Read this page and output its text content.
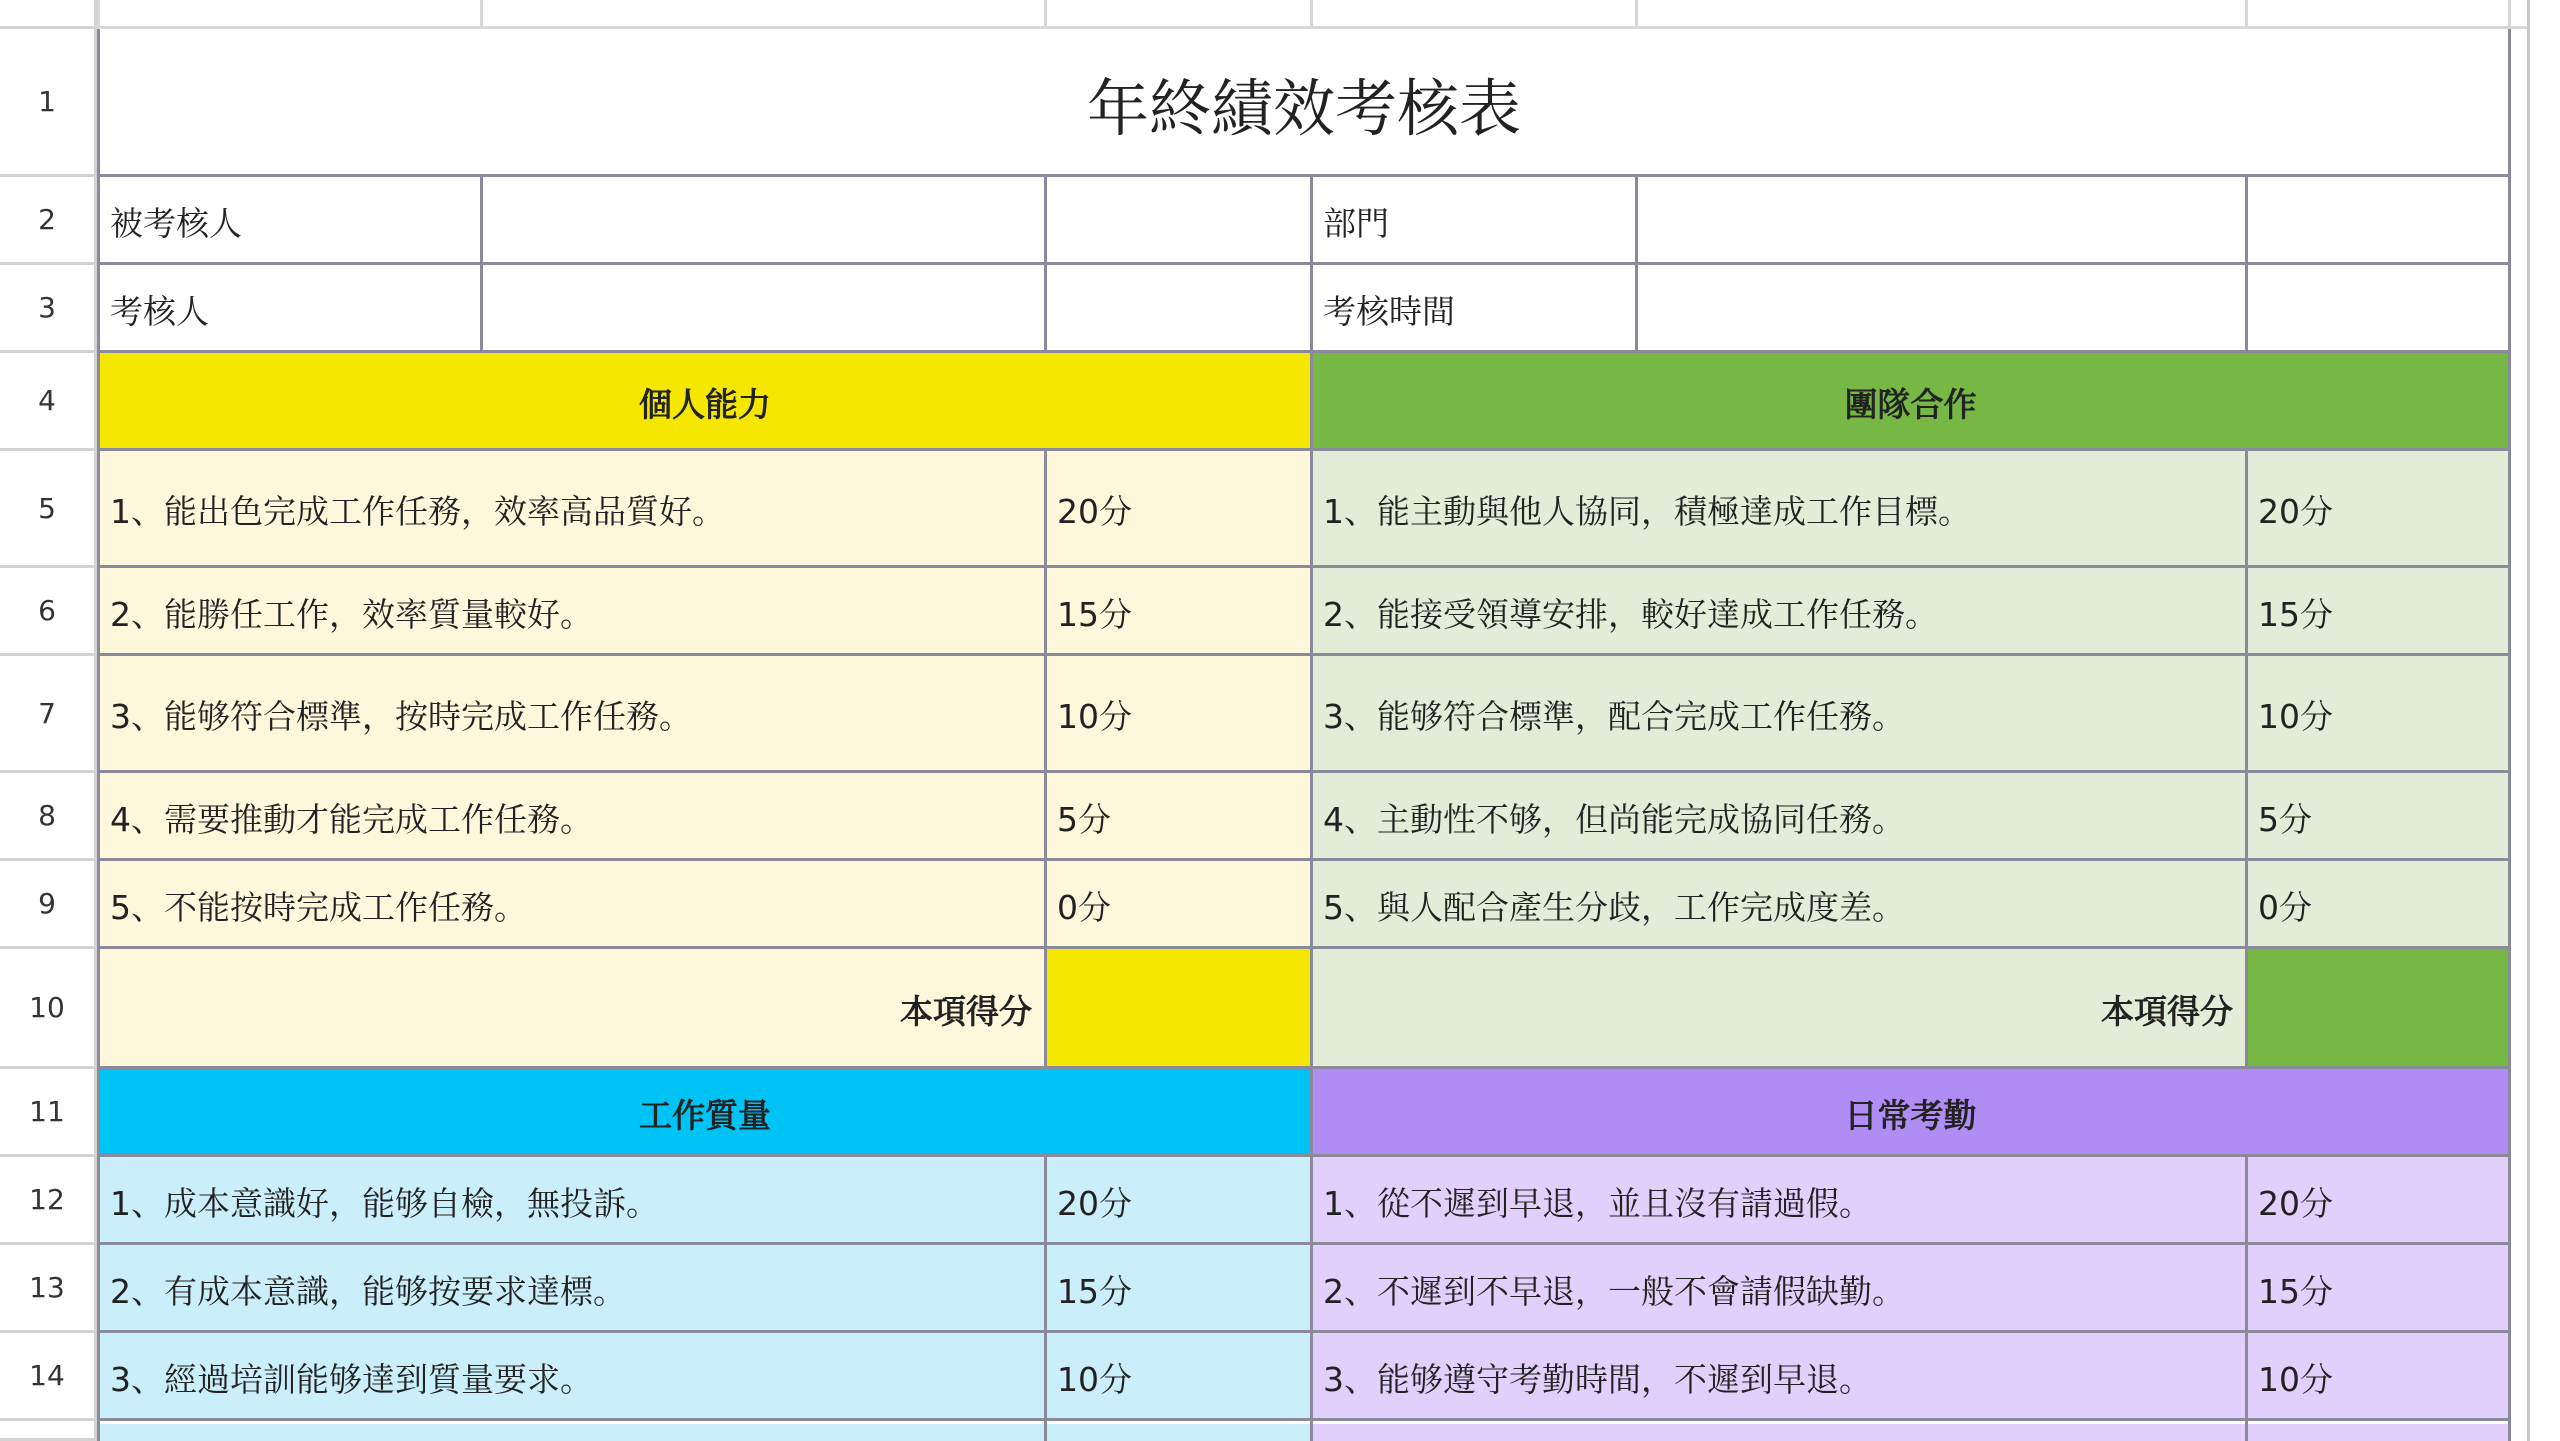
1
2
3
4
5
6
7
8
9
10
11
12
13
14
年終績效考核表
被考核人	部門
考核人	考核時間
個人能力	團隊合作
1、能出色完成工作任務，效率高品質好。	20分	1、能主動與他人協同，積極達成工作目標。	20分
2、能勝任工作，效率質量較好。	15分	2、能接受領導安排，較好達成工作任務。	15分
3、能够符合標準，按時完成工作任務。	10分	3、能够符合標準，配合完成工作任務。	10分
4、需要推動才能完成工作任務。	5分	4、主動性不够，但尚能完成協同任務。	5分
5、不能按時完成工作任務。	0分	5、與人配合產生分歧，工作完成度差。	0分
本項得分	本項得分
工作質量	日常考勤
1、成本意識好，能够自檢，無投訴。	20分	1、從不遲到早退，並且沒有請過假。	20分
2、有成本意識，能够按要求達標。	15分	2、不遲到不早退，一般不會請假缺勤。	15分
3、經過培訓能够達到質量要求。	10分	3、能够遵守考勤時間，不遲到早退。	10分
